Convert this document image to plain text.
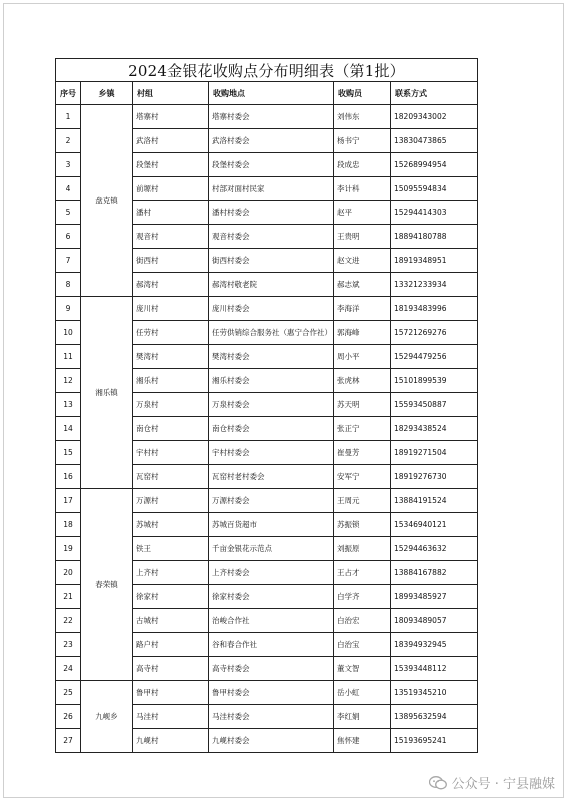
2024金银花收购点分布明细表（第1批）					
序号	乡镇	村组	收购地点	收购员	联系方式
1	盘克镇	塔寨村	塔寨村委会	刘伟东	18209343002
2		武洛村	武洛村委会	杨书宁	13830473865
3		段堡村	段堡村委会	段成忠	15268994954
4		前塬村	村部对面村民家	李计科	15095594834
5		潘村	潘村村委会	赵平	15294414303
6		观音村	观音村委会	王贵明	18894180788
7		街西村	街西村委会	赵文进	18919348951
8		郝湾村	郝湾村敬老院	郝志斌	13321233934
9	湘乐镇	庞川村	庞川村委会	李海洋	18193483996
10		任劳村	任劳供销综合服务社（惠宁合作社）	郭海峰	15721269276
11		樊湾村	樊湾村委会	周小平	15294479256
12		湘乐村	湘乐村委会	张虎林	15101899539
13		万泉村	万泉村委会	苏天明	15593450887
14		南仓村	南仓村委会	张正宁	18293438524
15		宇村村	宇村村委会	崔曼芳	18919271504
16		瓦窑村	瓦窑村老村委会	安军宁	18919276730
17	春荣镇	万源村	万源村委会	王周元	13884191524
18		苏城村	苏城百货超市	苏振锁	15346940121
19		铁王	千亩金银花示范点	刘振原	15294463632
20		上齐村	上齐村委会	王占才	13884167882
21		徐家村	徐家村委会	白学齐	18993485927
22		古城村	治峻合作社	白治宏	18093489057
23		路户村	谷和春合作社	白治宝	18394932945
24		高寺村	高寺村委会	董文智	15393448112
25	九岘乡	鲁甲村	鲁甲村委会	岳小虹	13519345210
26		马洼村	马洼村委会	李红娟	13895632594
27		九岘村	九岘村委会	焦怀建	15193695241
公众号 · 宁县融媒
